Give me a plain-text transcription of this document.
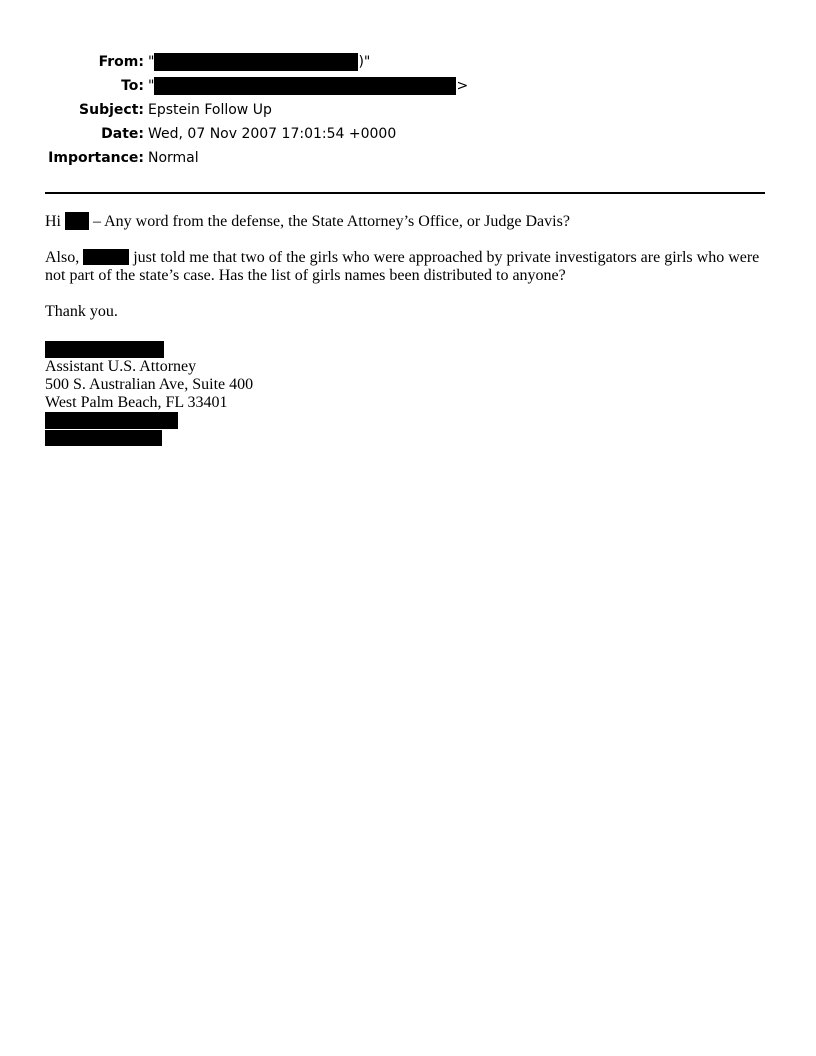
From: "	)"
To: "	>
Subject: Epstein Follow Up
Date: Wed, 07 Nov 2007 17:01:54 +0000
Importance: Normal

Hi  – Any word from the defense, the State Attorney’s Office, or Judge Davis?

Also,	just told me that two of the girls who were approached by private investigators are girls who were not part of the state’s case. Has the list of girls names been distributed to anyone?

Thank you.

Assistant U.S. Attorney
500 S. Australian Ave, Suite 400
West Palm Beach, FL 33401
